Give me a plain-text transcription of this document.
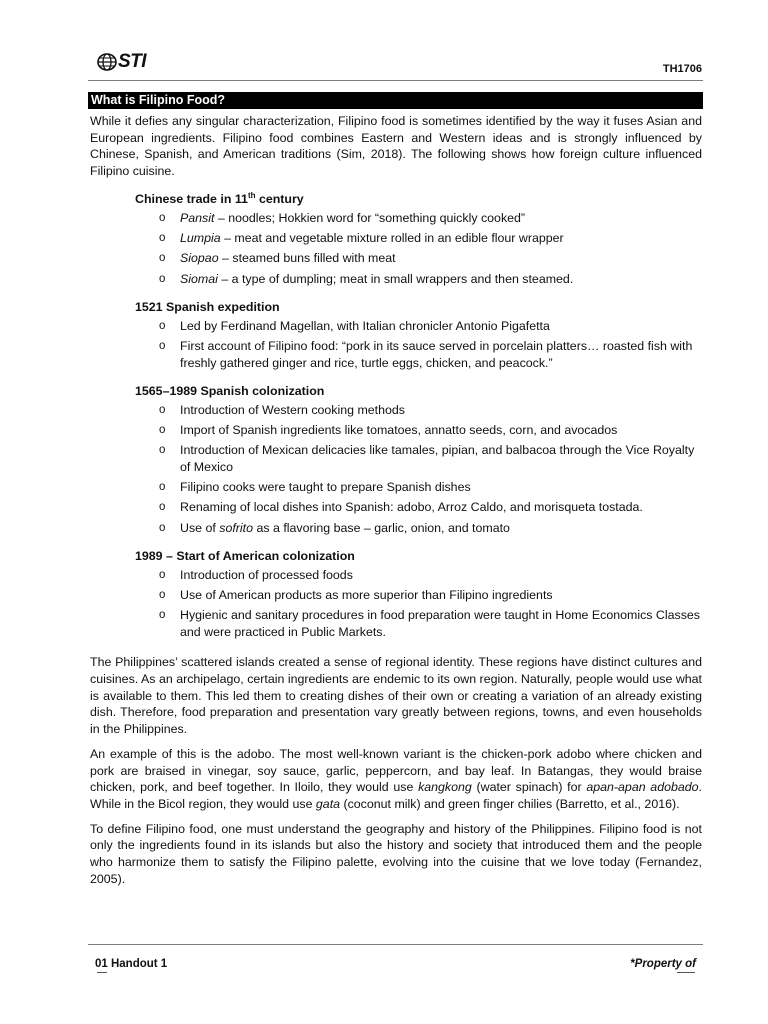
STI	TH1706
What is Filipino Food?

While it defies any singular characterization, Filipino food is sometimes identified by the way it fuses Asian and European ingredients. Filipino food combines Eastern and Western ideas and is strongly influenced by Chinese, Spanish, and American traditions (Sim, 2018). The following shows how foreign culture influenced Filipino cuisine.

Chinese trade in 11th century
o Pansit – noodles; Hokkien word for “something quickly cooked”
o Lumpia – meat and vegetable mixture rolled in an edible flour wrapper
o Siopao – steamed buns filled with meat
o Siomai – a type of dumpling; meat in small wrappers and then steamed.
1521 Spanish expedition
o Led by Ferdinand Magellan, with Italian chronicler Antonio Pigafetta
o First account of Filipino food: “pork in its sauce served in porcelain platters… roasted fish with freshly gathered ginger and rice, turtle eggs, chicken, and peacock.”
1565–1989 Spanish colonization
o Introduction of Western cooking methods
o Import of Spanish ingredients like tomatoes, annatto seeds, corn, and avocados
o Introduction of Mexican delicacies like tamales, pipian, and balbacoa through the Vice Royalty of Mexico
o Filipino cooks were taught to prepare Spanish dishes
o Renaming of local dishes into Spanish: adobo, Arroz Caldo, and morisqueta tostada.
o Use of sofrito as a flavoring base – garlic, onion, and tomato
1989 – Start of American colonization
o Introduction of processed foods
o Use of American products as more superior than Filipino ingredients
o Hygienic and sanitary procedures in food preparation were taught in Home Economics Classes and were practiced in Public Markets.

The Philippines’ scattered islands created a sense of regional identity. These regions have distinct cultures and cuisines. As an archipelago, certain ingredients are endemic to its own region. Naturally, people would use what is available to them. This led them to creating dishes of their own or creating a variation of an already existing dish. Therefore, food preparation and presentation vary greatly between regions, towns, and even households in the Philippines.

An example of this is the adobo. The most well-known variant is the chicken-pork adobo where chicken and pork are braised in vinegar, soy sauce, garlic, peppercorn, and bay leaf. In Batangas, they would braise chicken, pork, and beef together. In Iloilo, they would use kangkong (water spinach) for apan-apan adobado. While in the Bicol region, they would use gata (coconut milk) and green finger chilies (Barretto, et al., 2016).

To define Filipino food, one must understand the geography and history of the Philippines. Filipino food is not only the ingredients found in its islands but also the history and society that introduced them and the people who harmonize them to satisfy the Filipino palette, evolving into the cuisine that we love today (Fernandez, 2005).

01 Handout 1	*Property of
